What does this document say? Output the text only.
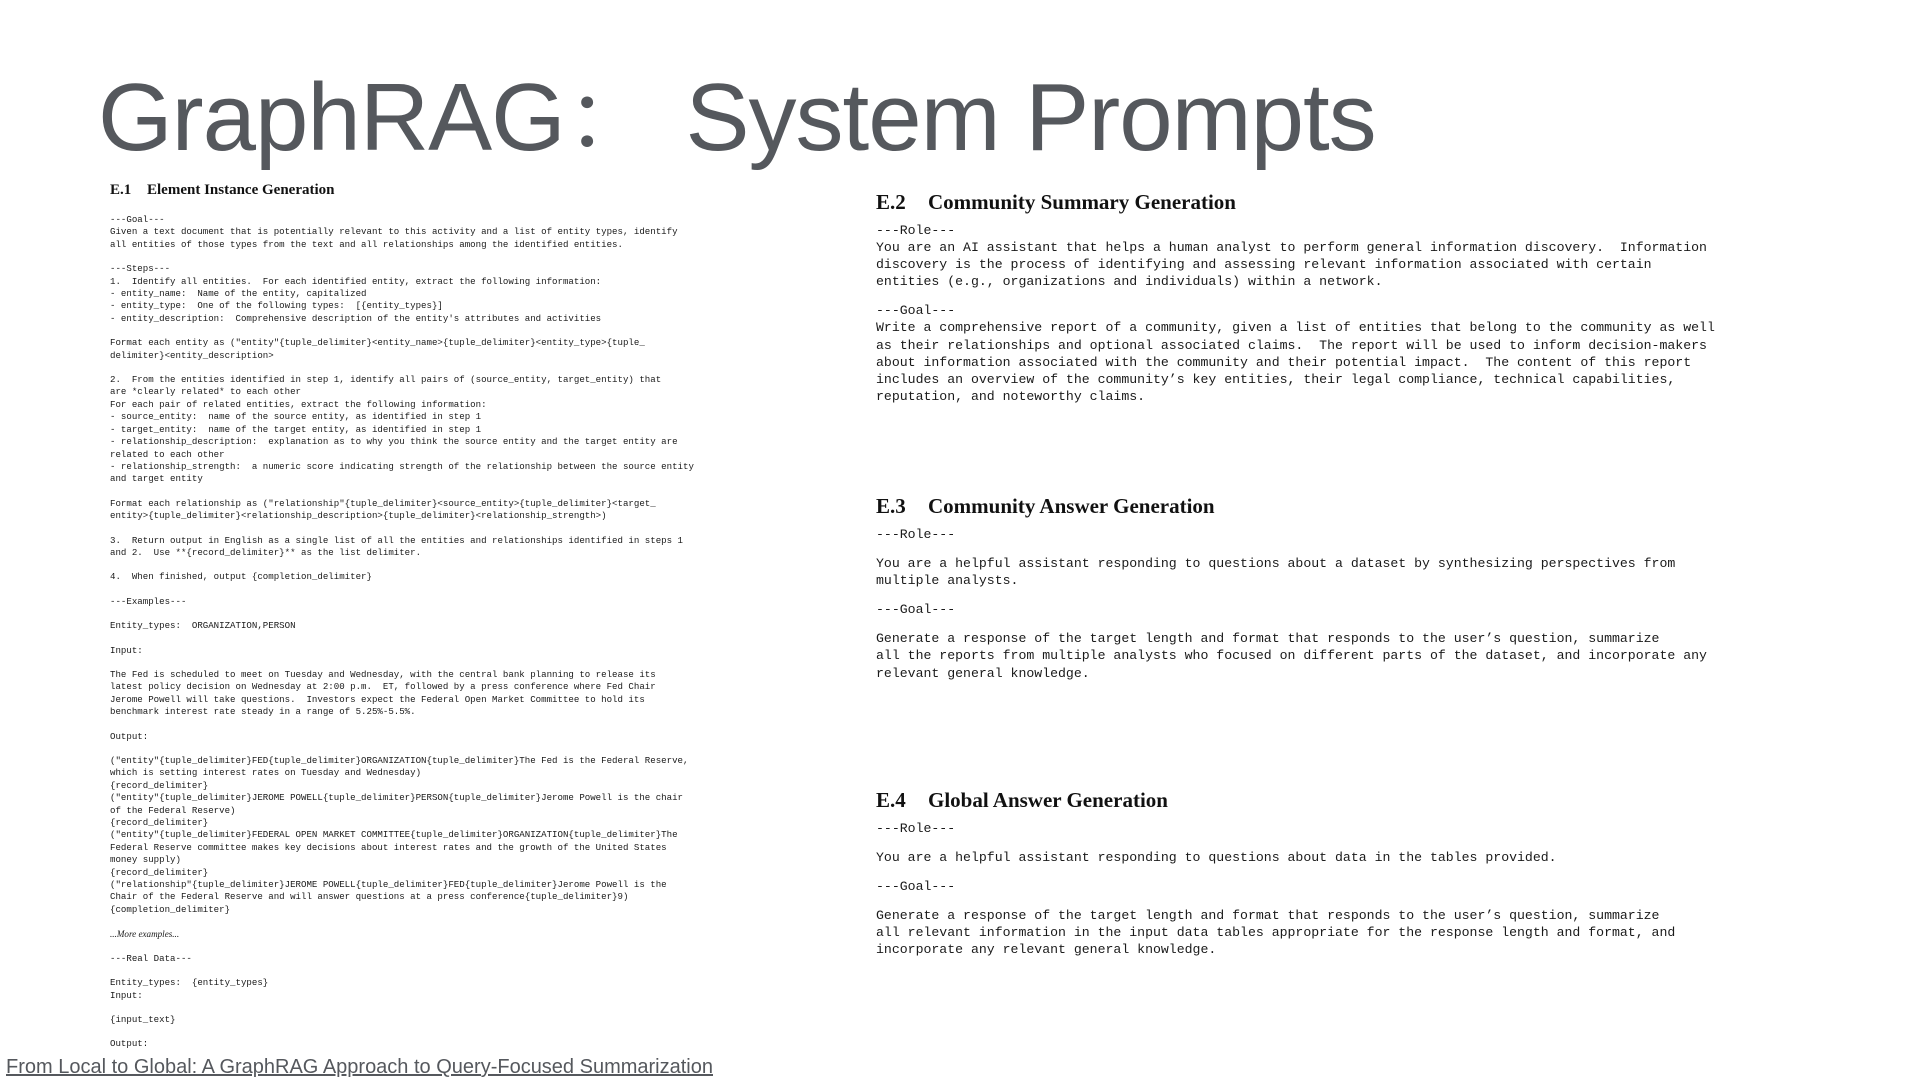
GraphRAG： System Prompts
E.1 Element Instance Generation
---Goal---
Given a text document that is potentially relevant to this activity and a list of entity types, identify
all entities of those types from the text and all relationships among the identified entities.
---Steps---
1.  Identify all entities.  For each identified entity, extract the following information:
- entity_name:  Name of the entity, capitalized
- entity_type:  One of the following types:  [{entity_types}]
- entity_description:  Comprehensive description of the entity's attributes and activities
Format each entity as ("entity"{tuple_delimiter}<entity_name>{tuple_delimiter}<entity_type>{tuple_
delimiter}<entity_description>
2.  From the entities identified in step 1, identify all pairs of (source_entity, target_entity) that
are *clearly related* to each other
For each pair of related entities, extract the following information:
- source_entity:  name of the source entity, as identified in step 1
- target_entity:  name of the target entity, as identified in step 1
- relationship_description:  explanation as to why you think the source entity and the target entity are
related to each other
- relationship_strength:  a numeric score indicating strength of the relationship between the source entity
and target entity
Format each relationship as ("relationship"{tuple_delimiter}<source_entity>{tuple_delimiter}<target_
entity>{tuple_delimiter}<relationship_description>{tuple_delimiter}<relationship_strength>)
3.  Return output in English as a single list of all the entities and relationships identified in steps 1
and 2.  Use **{record_delimiter}** as the list delimiter.
4.  When finished, output {completion_delimiter}
---Examples---
Entity_types:  ORGANIZATION,PERSON
Input:
The Fed is scheduled to meet on Tuesday and Wednesday, with the central bank planning to release its
latest policy decision on Wednesday at 2:00 p.m.  ET, followed by a press conference where Fed Chair
Jerome Powell will take questions.  Investors expect the Federal Open Market Committee to hold its
benchmark interest rate steady in a range of 5.25%-5.5%.
Output:
("entity"{tuple_delimiter}FED{tuple_delimiter}ORGANIZATION{tuple_delimiter}The Fed is the Federal Reserve,
which is setting interest rates on Tuesday and Wednesday)
{record_delimiter}
("entity"{tuple_delimiter}JEROME POWELL{tuple_delimiter}PERSON{tuple_delimiter}Jerome Powell is the chair
of the Federal Reserve)
{record_delimiter}
("entity"{tuple_delimiter}FEDERAL OPEN MARKET COMMITTEE{tuple_delimiter}ORGANIZATION{tuple_delimiter}The
Federal Reserve committee makes key decisions about interest rates and the growth of the United States
money supply)
{record_delimiter}
("relationship"{tuple_delimiter}JEROME POWELL{tuple_delimiter}FED{tuple_delimiter}Jerome Powell is the
Chair of the Federal Reserve and will answer questions at a press conference{tuple_delimiter}9)
{completion_delimiter}
...More examples...
---Real Data---
Entity_types:  {entity_types}
Input:
{input_text}
Output:
E.2 Community Summary Generation
---Role---
You are an AI assistant that helps a human analyst to perform general information discovery.  Information
discovery is the process of identifying and assessing relevant information associated with certain
entities (e.g., organizations and individuals) within a network.
---Goal---
Write a comprehensive report of a community, given a list of entities that belong to the community as well
as their relationships and optional associated claims.  The report will be used to inform decision-makers
about information associated with the community and their potential impact.  The content of this report
includes an overview of the community’s key entities, their legal compliance, technical capabilities,
reputation, and noteworthy claims.
E.3 Community Answer Generation
---Role---
You are a helpful assistant responding to questions about a dataset by synthesizing perspectives from
multiple analysts.
---Goal---
Generate a response of the target length and format that responds to the user’s question, summarize
all the reports from multiple analysts who focused on different parts of the dataset, and incorporate any
relevant general knowledge.
E.4 Global Answer Generation
---Role---
You are a helpful assistant responding to questions about data in the tables provided.
---Goal---
Generate a response of the target length and format that responds to the user’s question, summarize
all relevant information in the input data tables appropriate for the response length and format, and
incorporate any relevant general knowledge.
From Local to Global: A GraphRAG Approach to Query-Focused Summarization
